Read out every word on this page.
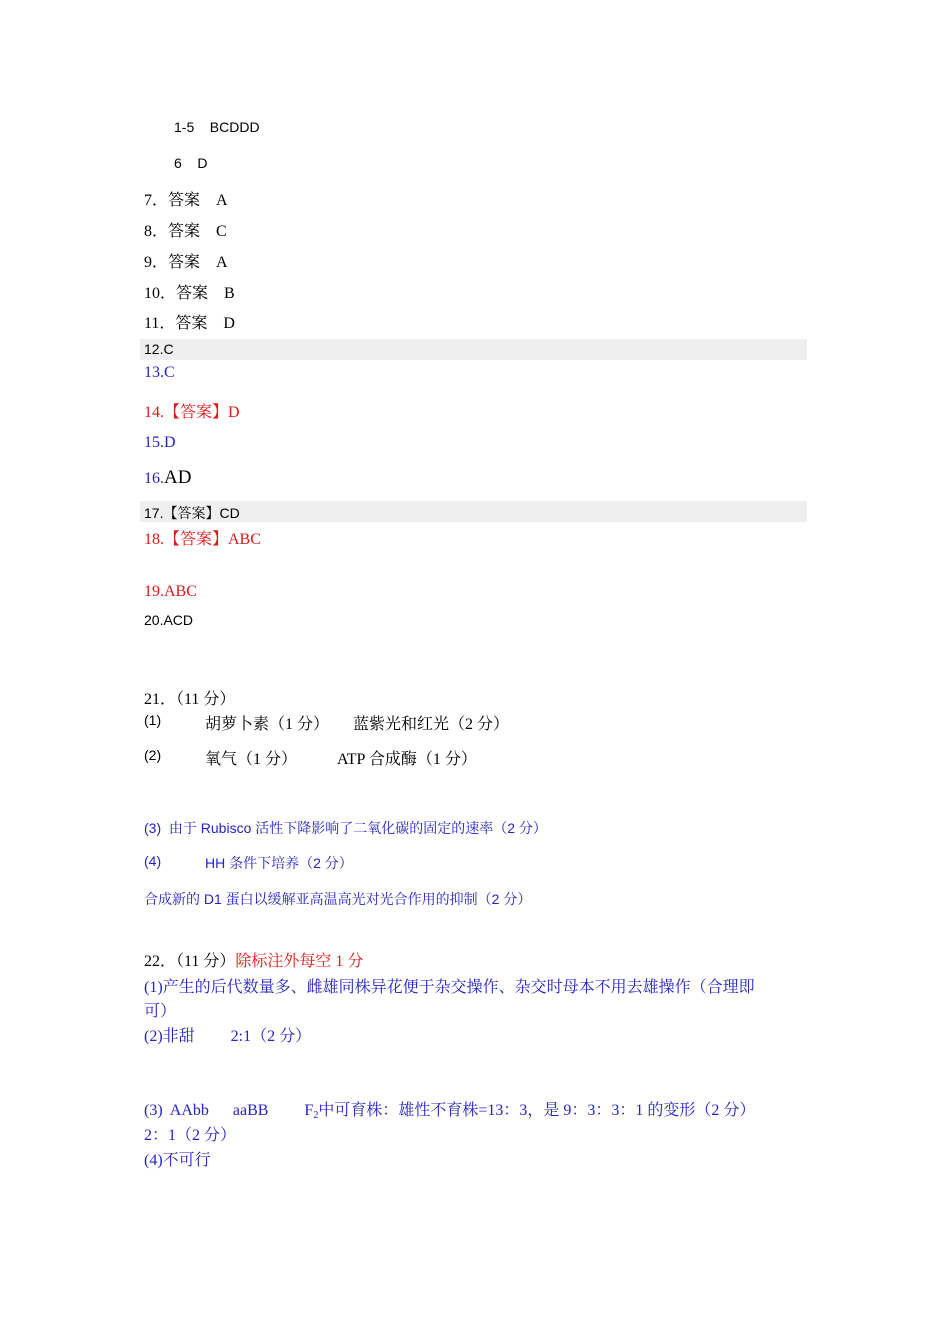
1-5    BCDDD
6    D
7．答案    A
8．答案    C
9．答案    A
10．答案    B
11．答案    D
12.C
13.C
14.【答案】D
15.D
16.AD
17.【答案】CD
18.【答案】ABC
19.ABC
20.ACD
21．（11 分）
(1)	胡萝卜素（1 分）      蓝紫光和红光（2 分）
(2)	氧气（1 分）          ATP 合成酶（1 分）
(3)  由于 Rubisco 活性下降影响了二氧化碳的固定的速率（2 分）
(4)	HH 条件下培养（2 分）
合成新的 D1 蛋白以缓解亚高温高光对光合作用的抑制（2 分）
22．（11 分）除标注外每空 1 分
(1)产生的后代数量多、雌雄同株异花便于杂交操作、杂交时母本不用去雄操作（合理即
可）
(2)非甜         2:1（2 分）
(3)  AAbb      aaBB         $F_2$中可育株：雄性不育株=13：3，是 9：3：3：1 的变形（2 分）
2：1（2 分）
(4)不可行
